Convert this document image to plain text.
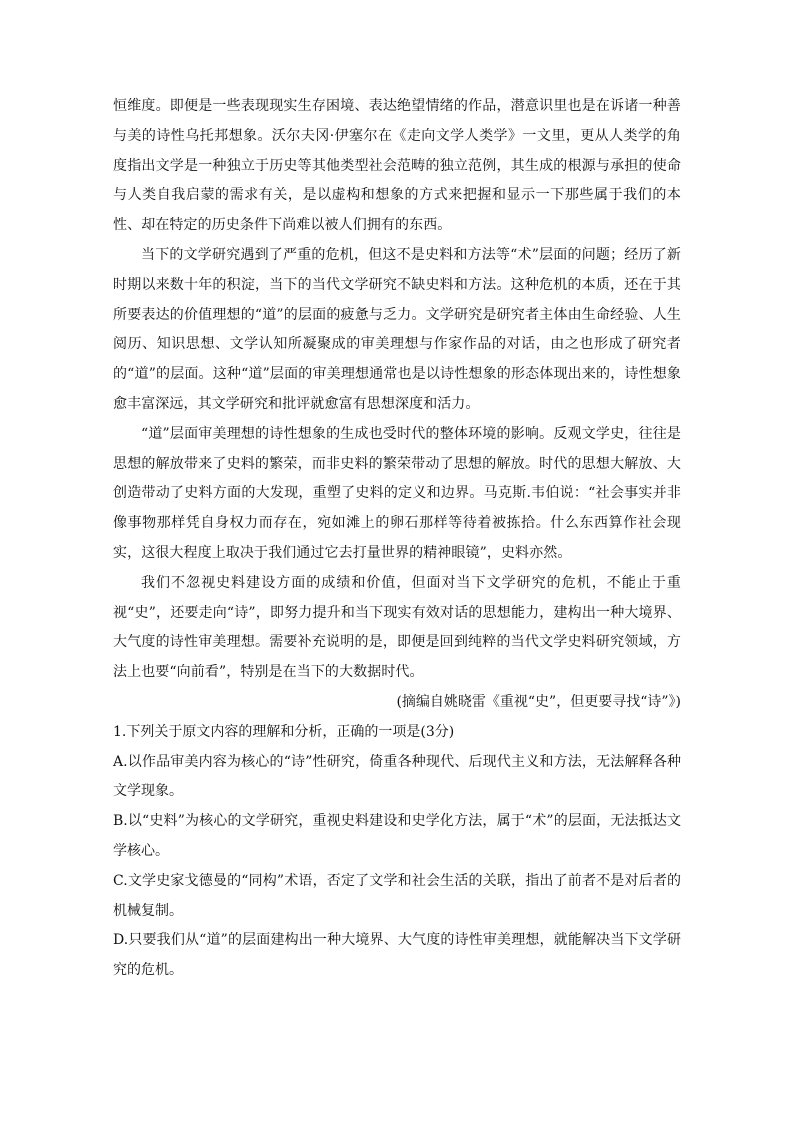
恒维度。即便是一些表现现实生存困境、表达绝望情绪的作品，潜意识里也是在诉诸一种善与美的诗性乌托邦想象。沃尔夫冈·伊塞尔在《走向文学人类学》一文里，更从人类学的角度指出文学是一种独立于历史等其他类型社会范畴的独立范例，其生成的根源与承担的使命与人类自我启蒙的需求有关，是以虚构和想象的方式来把握和显示一下那些属于我们的本性、却在特定的历史条件下尚难以被人们拥有的东西。

当下的文学研究遇到了严重的危机，但这不是史料和方法等“术”层面的问题；经历了新时期以来数十年的积淀，当下的当代文学研究不缺史料和方法。这种危机的本质，还在于其所要表达的价值理想的“道”的层面的疲惫与乏力。文学研究是研究者主体由生命经验、人生阅历、知识思想、文学认知所凝聚成的审美理想与作家作品的对话，由之也形成了研究者的“道”的层面。这种“道”层面的审美理想通常也是以诗性想象的形态体现出来的，诗性想象愈丰富深远，其文学研究和批评就愈富有思想深度和活力。

“道”层面审美理想的诗性想象的生成也受时代的整体环境的影响。反观文学史，往往是思想的解放带来了史料的繁荣，而非史料的繁荣带动了思想的解放。时代的思想大解放、大创造带动了史料方面的大发现，重塑了史料的定义和边界。马克斯.韦伯说：“社会事实并非像事物那样凭自身权力而存在，宛如滩上的卵石那样等待着被拣拾。什么东西算作社会现实，这很大程度上取决于我们通过它去打量世界的精神眼镜”，史料亦然。

我们不忽视史料建设方面的成绩和价值，但面对当下文学研究的危机，不能止于重视“史”，还要走向“诗”，即努力提升和当下现实有效对话的思想能力，建构出一种大境界、大气度的诗性审美理想。需要补充说明的是，即便是回到纯粹的当代文学史料研究领域，方法上也要“向前看”，特别是在当下的大数据时代。

(摘编自姚晓雷《重视“史”，但更要寻找“诗”》)

1.下列关于原文内容的理解和分析，正确的一项是(3分)

A.以作品审美内容为核心的“诗”性研究，倚重各种现代、后现代主义和方法，无法解释各种文学现象。

B.以“史料”为核心的文学研究，重视史料建设和史学化方法，属于“术”的层面，无法抵达文学核心。

C.文学史家戈德曼的“同构”术语，否定了文学和社会生活的关联，指出了前者不是对后者的机械复制。

D.只要我们从“道”的层面建构出一种大境界、大气度的诗性审美理想，就能解决当下文学研究的危机。
